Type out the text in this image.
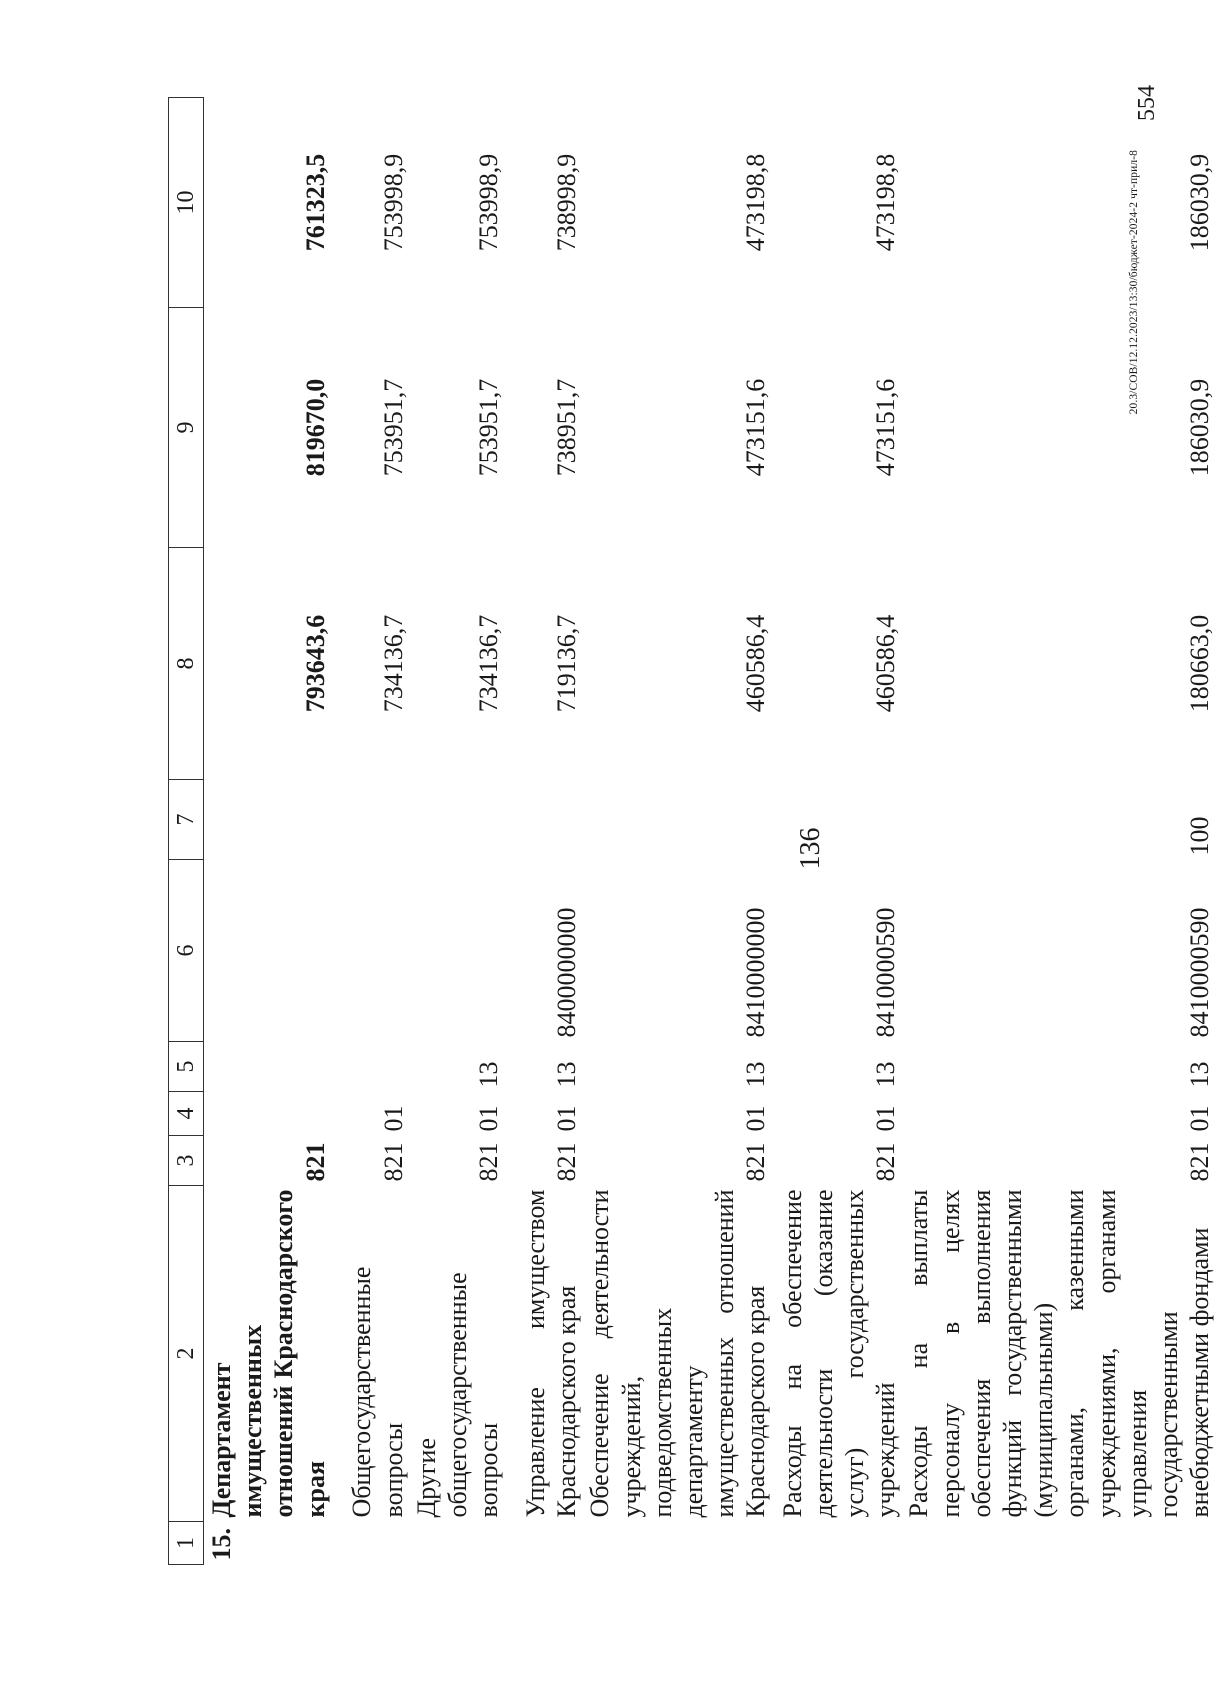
136
1	2	3	4	5	6	7	8	9	10
15.	Департамент имущественных отношений Краснодарского края	821					793643,6	819670,0	761323,5
	Общегосударственные вопросы	821	01				734136,7	753951,7	753998,9
	Другие общегосударственные вопросы	821	01	13			734136,7	753951,7	753998,9
	Управление имуществом Краснодарского края	821	01	13	8400000000		719136,7	738951,7	738998,9
	Обеспечение деятельности учреждений, подведомственных департаменту имущественных отношений Краснодарского края	821	01	13	8410000000		460586,4	473151,6	473198,8
	Расходы на обеспечение деятельности (оказание услуг) государственных учреждений	821	01	13	8410000590		460586,4	473151,6	473198,8
	Расходы на выплаты персоналу в целях обеспечения выполнения функций государственными (муниципальными) органами, казенными учреждениями, органами управления государственными внебюджетными фондами	821	01	13	8410000590	100	180663,0	186030,9	186030,9
20.3/СОВ/12.12.2023/13:30/бюджет-2024-2 чт-прил-8
554
